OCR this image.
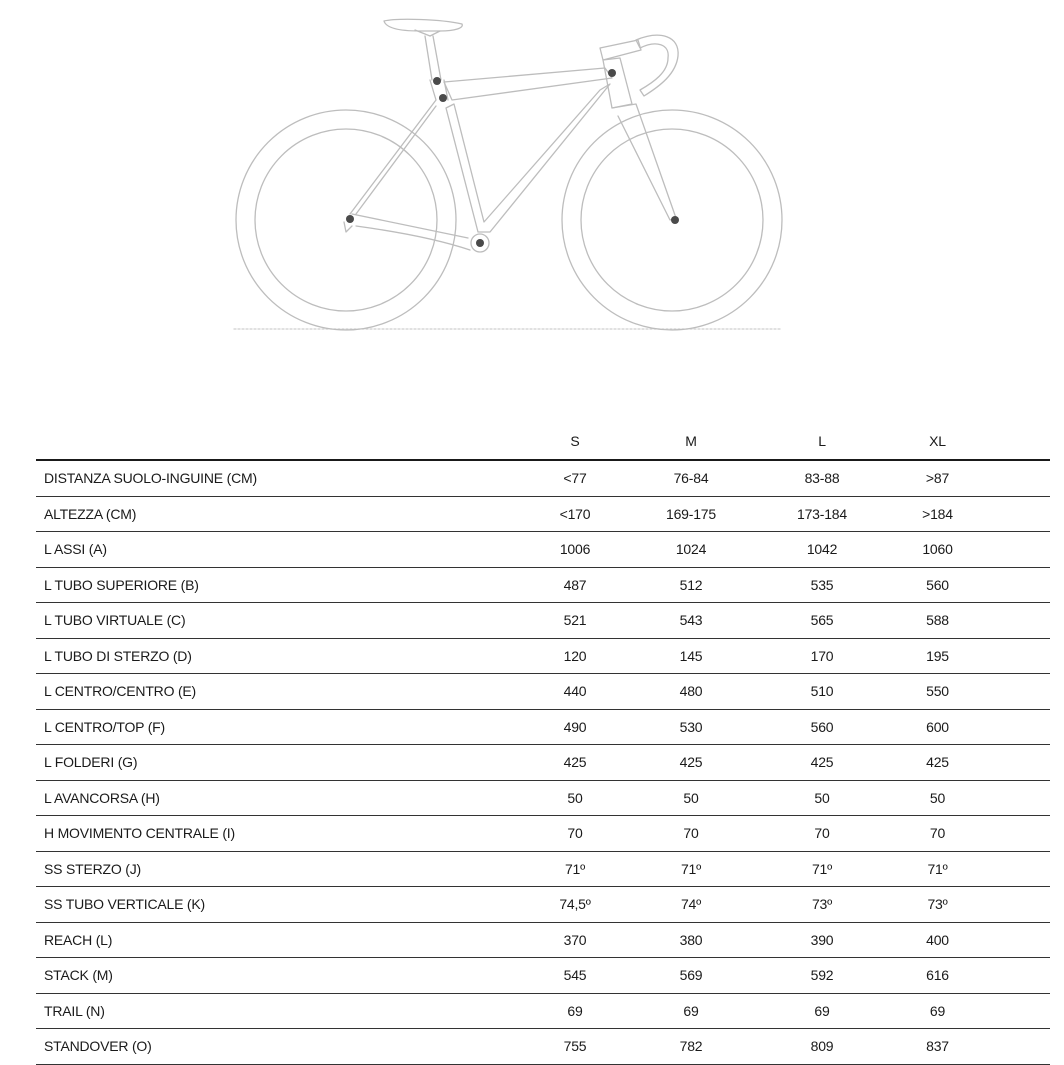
	S	M	L	XL	
DISTANZA SUOLO-INGUINE (CM)	<77	76-84	83-88	>87	
ALTEZZA (CM)	<170	169-175	173-184	>184	
L ASSI (A)	1006	1024	1042	1060	
L TUBO SUPERIORE (B)	487	512	535	560	
L TUBO VIRTUALE (C)	521	543	565	588	
L TUBO DI STERZO (D)	120	145	170	195	
L CENTRO/CENTRO (E)	440	480	510	550	
L CENTRO/TOP (F)	490	530	560	600	
L FOLDERI (G)	425	425	425	425	
L AVANCORSA (H)	50	50	50	50	
H MOVIMENTO CENTRALE (I)	70	70	70	70	
SS STERZO (J)	71º	71º	71º	71º	
SS TUBO VERTICALE (K)	74,5º	74º	73º	73º	
REACH (L)	370	380	390	400	
STACK (M)	545	569	592	616	
TRAIL (N)	69	69	69	69	
STANDOVER (O)	755	782	809	837	
